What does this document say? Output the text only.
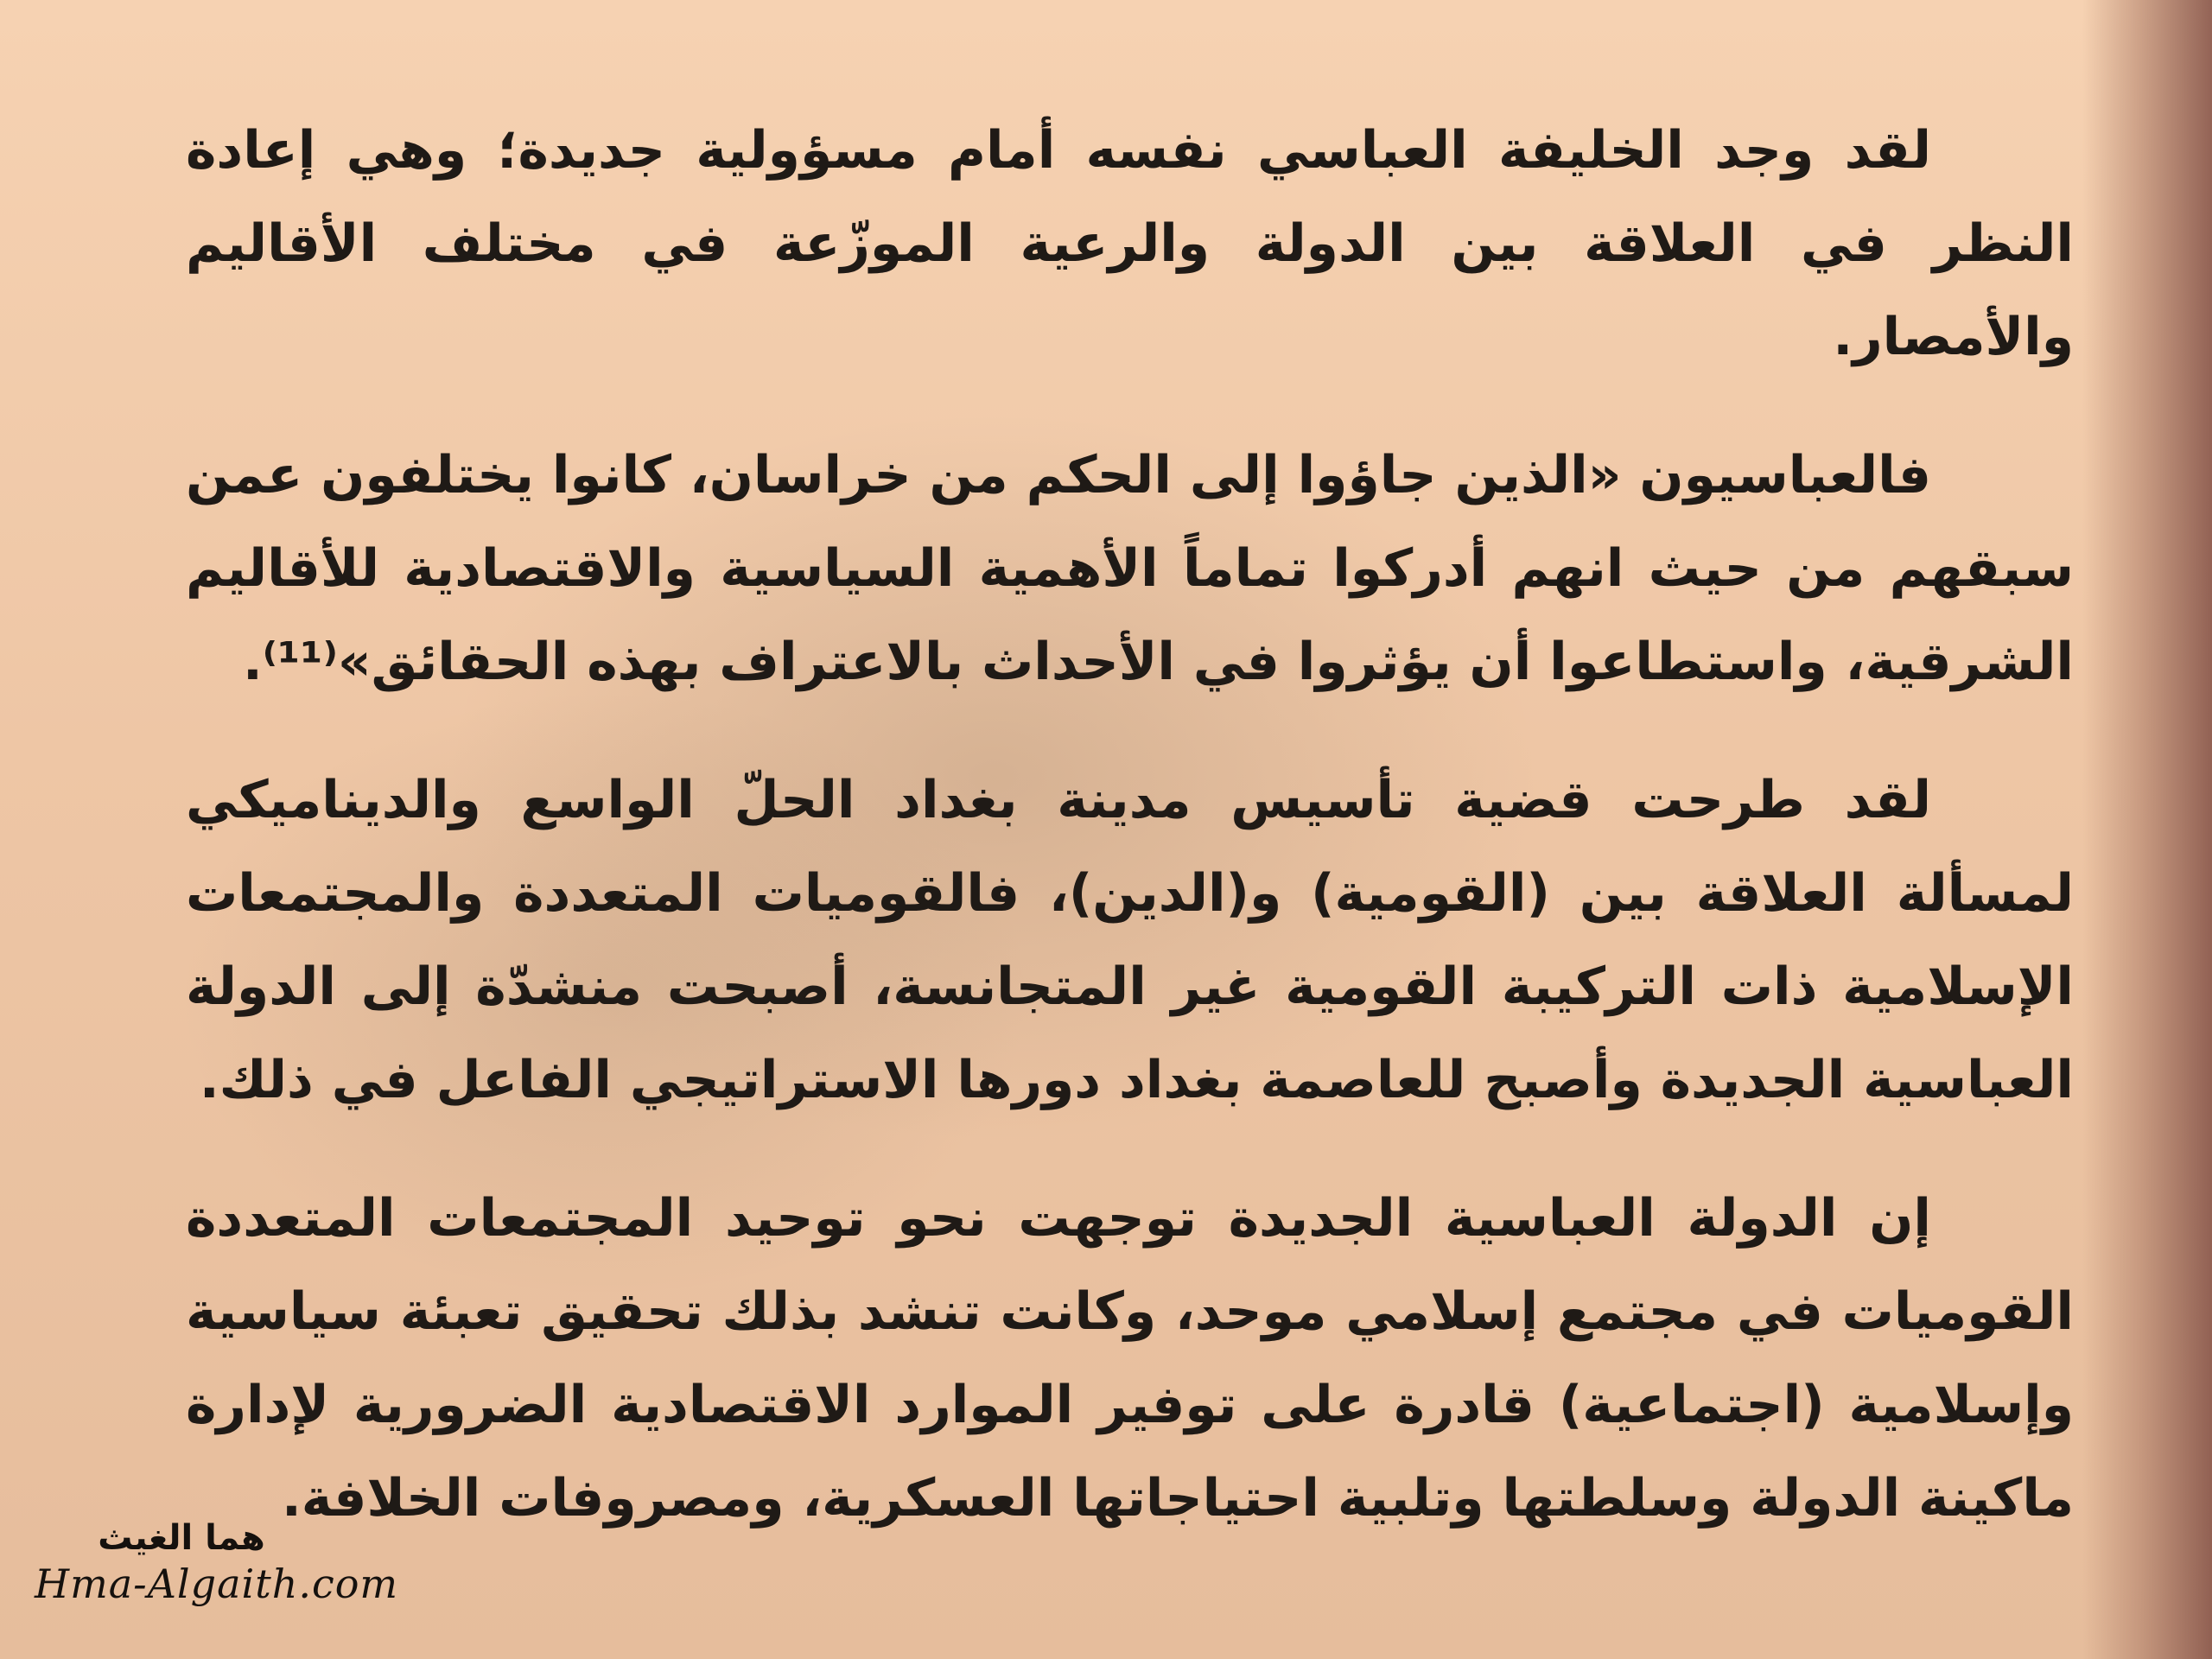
لقد وجد الخليفة العباسي نفسه أمام مسؤولية جديدة؛ وهي إعادة النظر في العلاقة بين الدولة والرعية الموزّعة في مختلف الأقاليم والأمصار.

فالعباسيون «الذين جاؤوا إلى الحكم من خراسان، كانوا يختلفون عمن سبقهم من حيث انهم أدركوا تماماً الأهمية السياسية والاقتصادية للأقاليم الشرقية، واستطاعوا أن يؤثروا في الأحداث بالاعتراف بهذه الحقائق»⁽¹¹⁾.

لقد طرحت قضية تأسيس مدينة بغداد الحلّ الواسع والديناميكي لمسألة العلاقة بين (القومية) و(الدين)، فالقوميات المتعددة والمجتمعات الإسلامية ذات التركيبة القومية غير المتجانسة، أصبحت منشدّة إلى الدولة العباسية الجديدة وأصبح للعاصمة بغداد دورها الاستراتيجي الفاعل في ذلك.

إن الدولة العباسية الجديدة توجهت نحو توحيد المجتمعات المتعددة القوميات في مجتمع إسلامي موحد، وكانت تنشد بذلك تحقيق تعبئة سياسية وإسلامية (اجتماعية) قادرة على توفير الموارد الاقتصادية الضرورية لإدارة ماكينة الدولة وسلطتها وتلبية احتياجاتها العسكرية، ومصروفات الخلافة.

هما الغيث
Hma-Algaith.com
